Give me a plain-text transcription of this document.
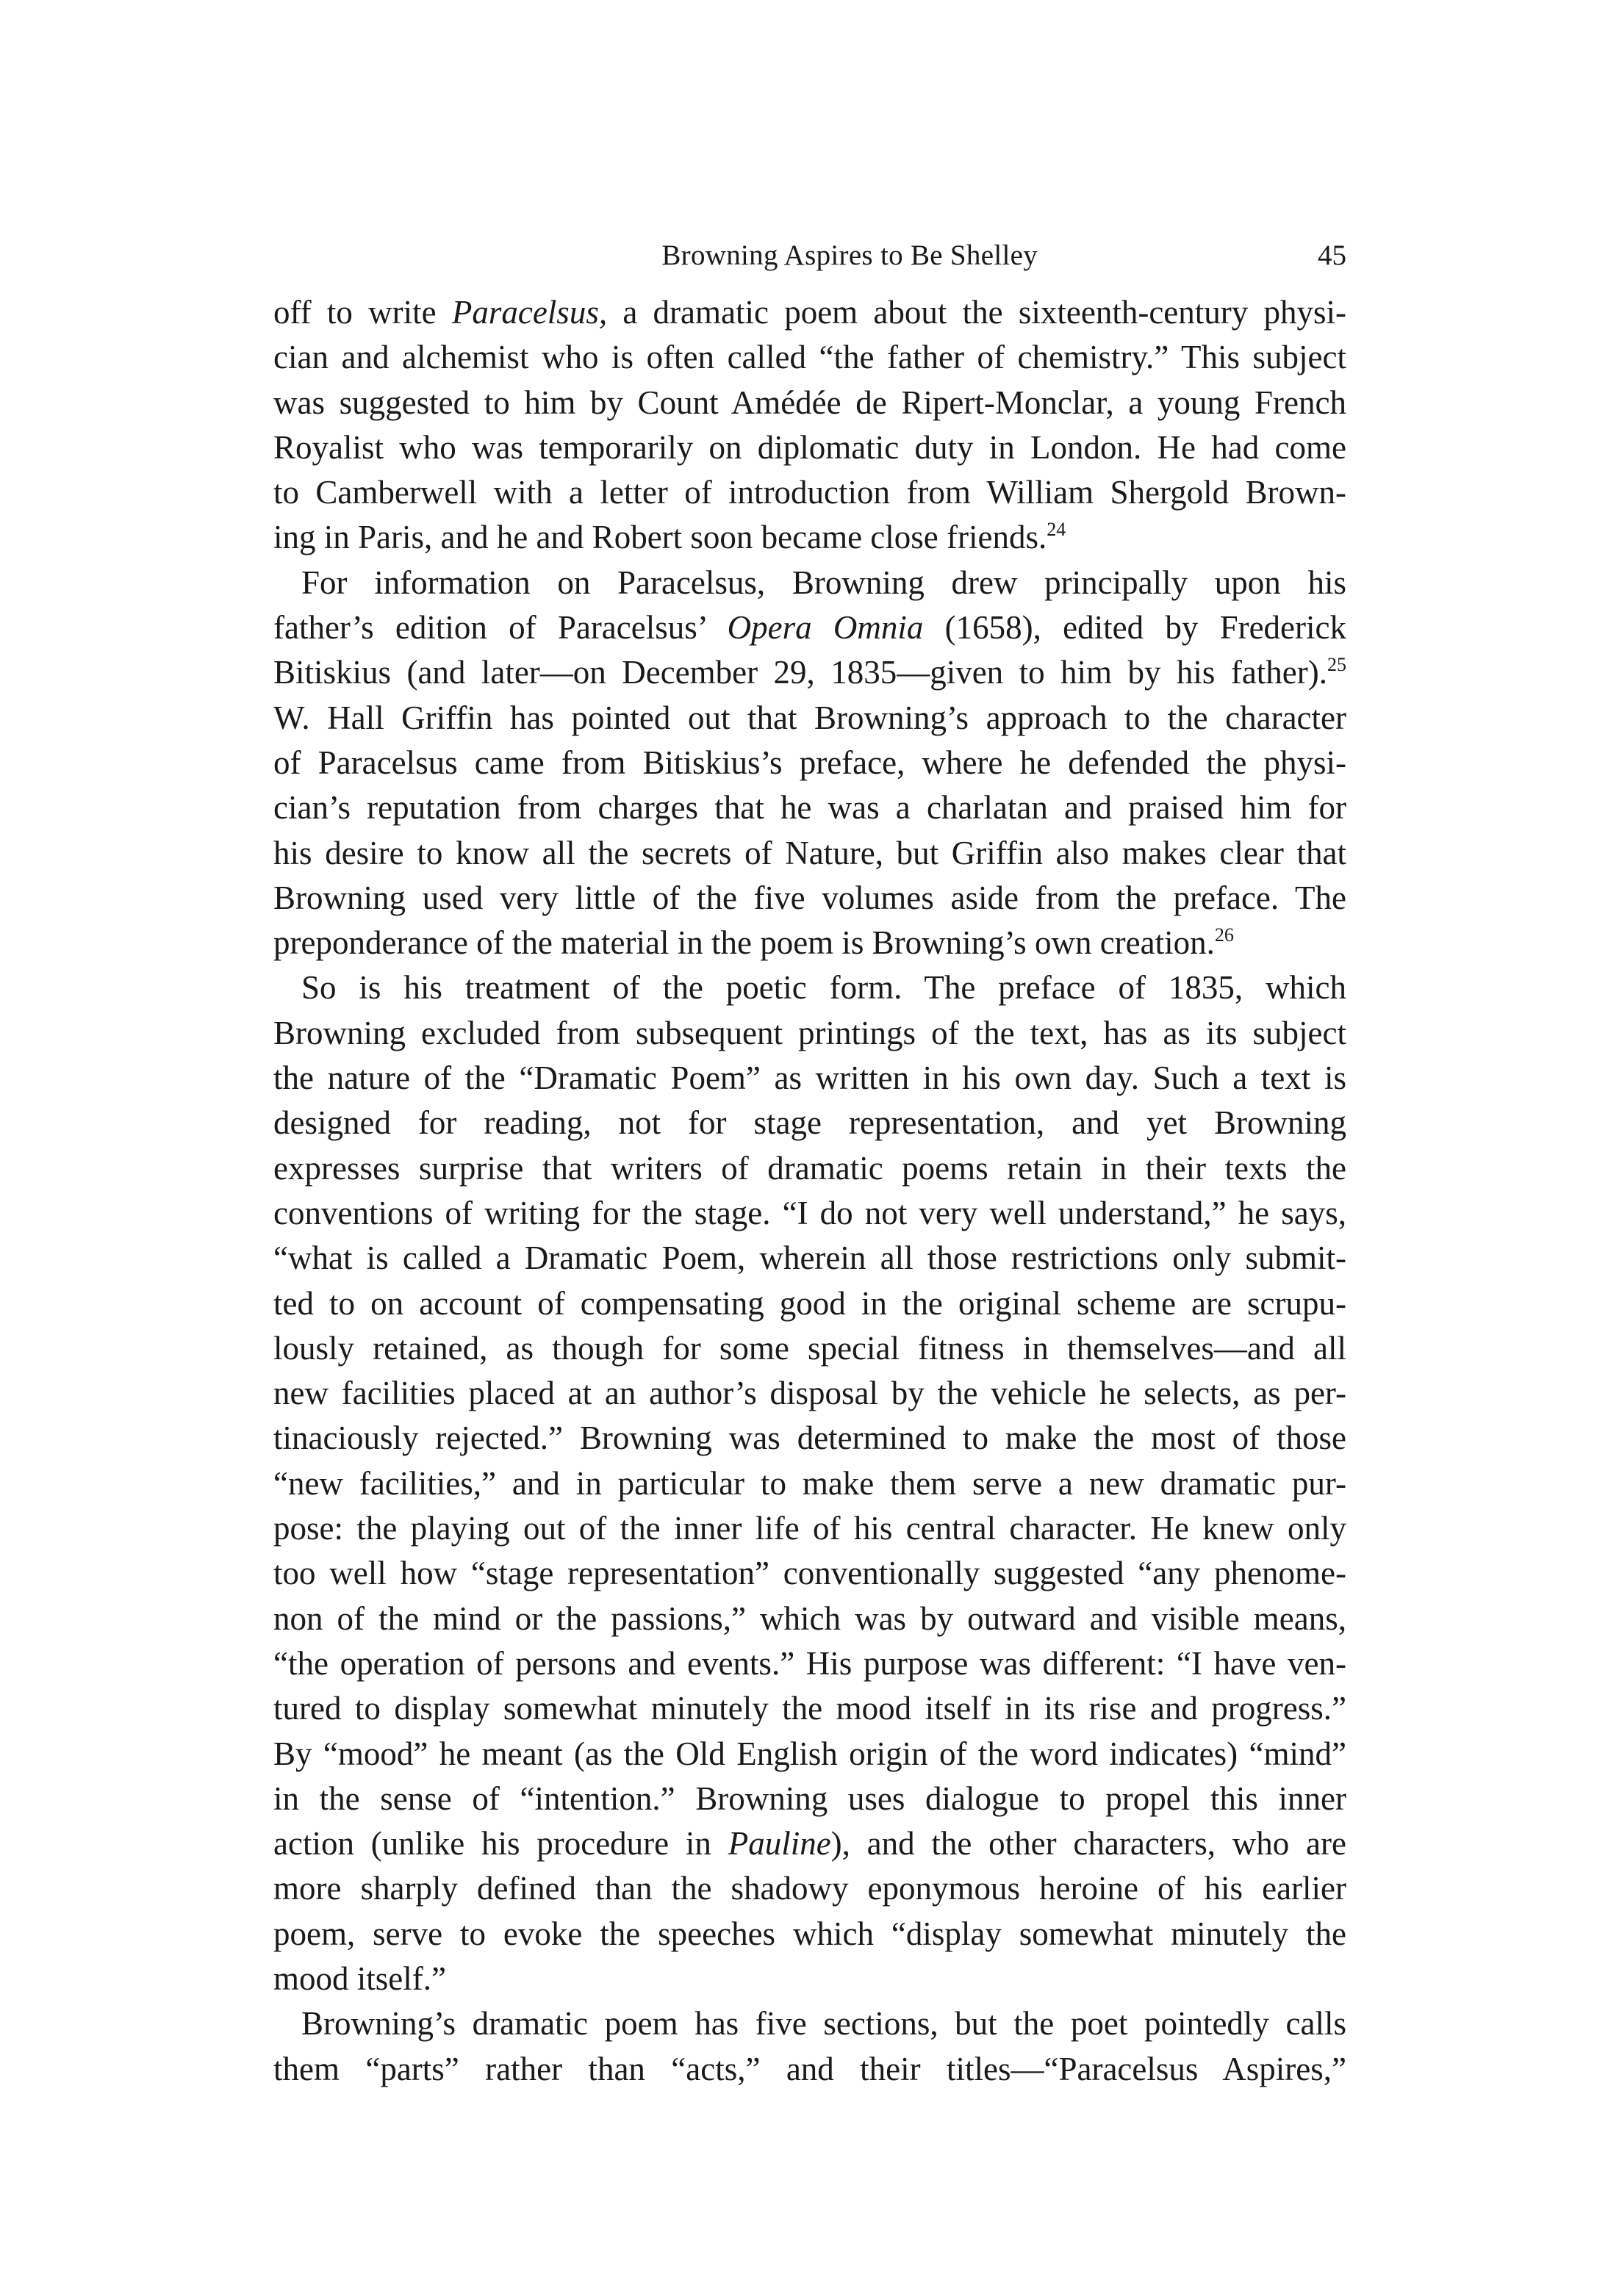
Browning Aspires to Be Shelley	45
off to write Paracelsus, a dramatic poem about the sixteenth-century physi-
cian and alchemist who is often called “the father of chemistry.” This subject
was suggested to him by Count Amédée de Ripert-Monclar, a young French
Royalist who was temporarily on diplomatic duty in London. He had come
to Camberwell with a letter of introduction from William Shergold Brown-
ing in Paris, and he and Robert soon became close friends.$^{24}$
For information on Paracelsus, Browning drew principally upon his
father’s edition of Paracelsus’ Opera Omnia (1658), edited by Frederick
Bitiskius (and later—on December 29, 1835—given to him by his father).$^{25}$
W. Hall Griffin has pointed out that Browning’s approach to the character
of Paracelsus came from Bitiskius’s preface, where he defended the physi-
cian’s reputation from charges that he was a charlatan and praised him for
his desire to know all the secrets of Nature, but Griffin also makes clear that
Browning used very little of the five volumes aside from the preface. The
preponderance of the material in the poem is Browning’s own creation.$^{26}$
So is his treatment of the poetic form. The preface of 1835, which
Browning excluded from subsequent printings of the text, has as its subject
the nature of the “Dramatic Poem” as written in his own day. Such a text is
designed for reading, not for stage representation, and yet Browning
expresses surprise that writers of dramatic poems retain in their texts the
conventions of writing for the stage. “I do not very well understand,” he says,
“what is called a Dramatic Poem, wherein all those restrictions only submit-
ted to on account of compensating good in the original scheme are scrupu-
lously retained, as though for some special fitness in themselves—and all
new facilities placed at an author’s disposal by the vehicle he selects, as per-
tinaciously rejected.” Browning was determined to make the most of those
“new facilities,” and in particular to make them serve a new dramatic pur-
pose: the playing out of the inner life of his central character. He knew only
too well how “stage representation” conventionally suggested “any phenome-
non of the mind or the passions,” which was by outward and visible means,
“the operation of persons and events.” His purpose was different: “I have ven-
tured to display somewhat minutely the mood itself in its rise and progress.”
By “mood” he meant (as the Old English origin of the word indicates) “mind”
in the sense of “intention.” Browning uses dialogue to propel this inner
action (unlike his procedure in Pauline), and the other characters, who are
more sharply defined than the shadowy eponymous heroine of his earlier
poem, serve to evoke the speeches which “display somewhat minutely the
mood itself.”
Browning’s dramatic poem has five sections, but the poet pointedly calls
them “parts” rather than “acts,” and their titles—“Paracelsus Aspires,”
